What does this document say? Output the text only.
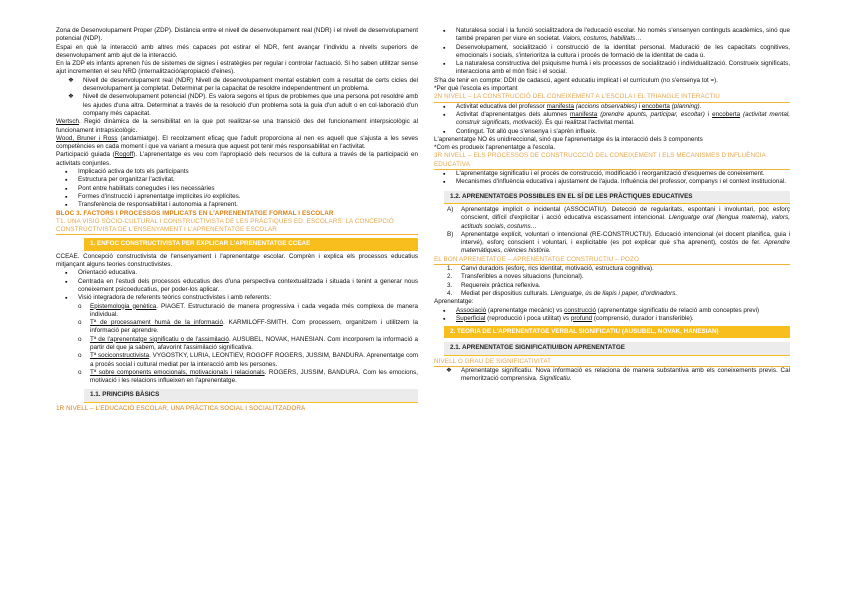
Zona de Desenvolupament Proper (ZDP). Distància entre el nivell de desenvolupament real (NDR) i el nivell de desenvolupament potencial (NDP).

Espai en què la interacció amb altres més capaces pot estirar el NDR, fent avançar l'individu a nivells superiors de desenvolupament amb ajut de la interacció.

En la ZDP els infants aprenen l'ús de sistemes de signes i estratègies per regular i controlar l'actuació. Si ho saben utilitzar sense ajut incrementen el seu NRD (internalització/apropiació d'eines).

❖ Nivell de desenvolupament real (NDR) Nivell de desenvolupament mental establert com a resultat de certs cicles del desenvolupament ja completat. Determinat per la capacitat de resoldre independentment un problema.

❖ Nivell de desenvolupament potencial (NDP). Es valora segons el tipus de problemes que una persona pot resoldre amb les ajudes d'una altra. Determinat a través de la resolució d'un problema sota la guia d'un adult o en col·laboració d'un company més capacitat.

Wertsch. Regió dinàmica de la sensibilitat en la que pot realitzar-se una transició des del funcionament interpsicològic al funcionament intrapsicològic.

Wood, Bruner i Ross (andamiatge). El recolzament eficaç que l'adult proporciona al nen es aquell que s'ajusta a les seves competències en cada moment i que va variant a mesura que aquest pot tenir més responsabilitat en l'activitat.

Participació guiada (Rogoff). L'aprenentatge es veu com l'apropiació dels recursos de la cultura a través de la participació en activitats conjuntes.

▪ Implicació activa de tots els participants

▪ Estructura per organitzar l'activitat.

▪ Pont entre habilitats conegudes i les necessàries

▪ Formes d'instrucció i aprenentatge implícites i/o explícites.

▪ Transferència de responsabilitat i autonomia a l'aprenent.

BLOC 3. FACTORS I PROCESSOS IMPLICATS EN L'APRENENTATGE FORMAL I ESCOLAR

T1. UNA VISIÓ SÒCIO-CULTURAL I CONSTRUCTIVISTA DE LES PRÀCTIQUES ED. ESCOLARS: LA CONCEPCIÓ CONSTRUCTIVISTA DE L'ENSENYAMENT I L'APRENENTATGE ESCOLAR

1. ENFOC CONSTRUCTIVISTA PER EXPLICAR L'APRENENTATGE CCEAE

CCEAE. Concepció constructivista de l'ensenyament i l'aprenentatge escolar. Comprèn i explica els processos educatius mitjançant alguns teories constructivistes.

▪ Orientació educativa.

▪ Centrada en l'estudi dels processos educatius des d'una perspectiva contextualitzada i situada i tenint a generar nous coneixement psicoeducatius, per poder-los aplicar.

▪ Visió integradora de referents teòrics constructivistes i amb referents:

o Epistemologia genètica. PIAGET. Estructuració de manera progressiva i cada vegada més complexa de manera individual.

o Tª de processament humà de la informació. KARMILOFF-SMITH. Com processem, organitzem i utilitzem la informació per aprendre.

o Tª de l'aprenentatge significatiu o de l'assimilació. AUSUBEL, NOVAK, HANESIAN. Com incorporem la informació a partir del que ja sabem, afavorint l'assimilació significativa.

o Tª sociconstructivista. VYGOSTKY, LURIA, LEONTIEV, ROGOFF ROGERS, JUSSIM, BANDURA. Aprenentatge com a procés social i cultural mediat per la interacció amb les persones.

o Tª sobre components emocionals, motivacionals i relacionals. ROGERS, JUSSIM, BANDURA. Com les emocions, motivació i les relacions influeixen en l'aprenentatge.

1.1. PRINCIPIS BÀSICS

1R NIVELL – L'EDUCACIÓ ESCOLAR, UNA PRÀCTICA SOCIAL I SOCIALITZADORA

▪ Naturalesa social i la funció socialitzadora de l'educació escolar. No només s'ensenyen continguts acadèmics, sinó que també preparen per viure en societat. Valors, costums, habilitats…

▪ Desenvolupament, socialització i construcció de la identitat personal. Maduració de les capacitats cognitives, emocionals i socials, s'interioritza la cultura i procés de formació de la identitat de cada ú.

▪ La naturalesa constructiva del psiquisme humà i els processos de socialització i individualització. Construeix significats, interacciona amb el món físic i el social.

S'ha de tenir en compte: DDII de cadascú, agent educatiu implicat i el currículum (no s'ensenya tot =).

*Per què l'escola es important

2N NIVELL – LA CONSTRUCCIÓ DEL CONEIXEMENT A L'ESCOLA I EL TRIANGLE INTERACTIU

▪ Activitat educativa del professor manifesta (accions observables) i encoberta (planning).

▪ Activitat d'aprenentatges dels alumnes manifesta (prendre apunts, participar, escoltar) i encoberta (activitat mental, construir significats, motivació). És qui realitzat l'activitat mental.

▪ Contingut. Tot allò que s'ensenya i s'aprèn influeix.

L'aprenentatge NO és unidireccional, sinó que l'aprenentatge és la interacció dels 3 components

*Com es produeix l'aprenentatge a l'escola.

3R NIVELL – ELS PROCESSOS DE CONSTRUCCCIÓ DEL CONEIXEMENT I ELS MECANISMES D'INFLUÈNCIA EDUCATIVA

▪ L'aprenentatge significatiu i el procés de construcció, modificació i reorganització d'esquemes de coneixement.

▪ Mecanismes d'influència educativa i ajustament de l'ajuda. Influència del professor, companys i el context institucional.

1.2. APRENENTATGES POSSIBLES EN EL SÍ DE LES PRÀCTIQUES EDUCATIVES

A) Aprenentatge implícit o incidental (ASSOCIATIU). Detecció de regularitats, espontani i involuntari, poc esforç conscient, difícil d'explicitar i acció educativa escassament intencional. Llenguatge oral (llengua materna), valors, actituds socials, costums…

B) Aprenentatge explícit, voluntari o intencional (RE-CONSTRUCTIU). Educació intencional (el docent planifica, guia i intervé), esforç conscient i voluntari, i explicitable (es pot explicar què s'ha aprenent), costós de fer. Aprendre matemàtiques, ciències història.

EL BON APRENETATGE – APRENENTATGE CONSTRUCTIU – POZO

1. Canvi duradors (esforç, rics identitat, motivació, estructura cognitiva).

2. Transferibles a noves situacions (funcional).

3. Requereix pràctica reflexiva.

4. Mediat per dispositius culturals. Llenguatge, ús de llapis i paper, d'ordinadors.

Aprenentatge:

▪ Associació (aprenentatge mecànic) vs construcció (aprenentatge significatiu de relació amb conceptes previ)

▪ Superficial (reproducció i poca utilitat) vs profund (comprensió, durador i transferible).

2. TEORIA DE L'APRENENTATGE VERBAL SIGNIFICATIU (AUSUBEL, NOVAK, HANESIAN)
2.1. APRENENTATGE SIGNIFICATIU/BON APRENENTATGE

NIVELL O GRAU DE SIGNIFICATIVITAT

❖ Aprenentatge significatiu. Nova informació es relaciona de manera substantiva amb els coneixements previs. Cal memorització comprensiva. Significatiu.
